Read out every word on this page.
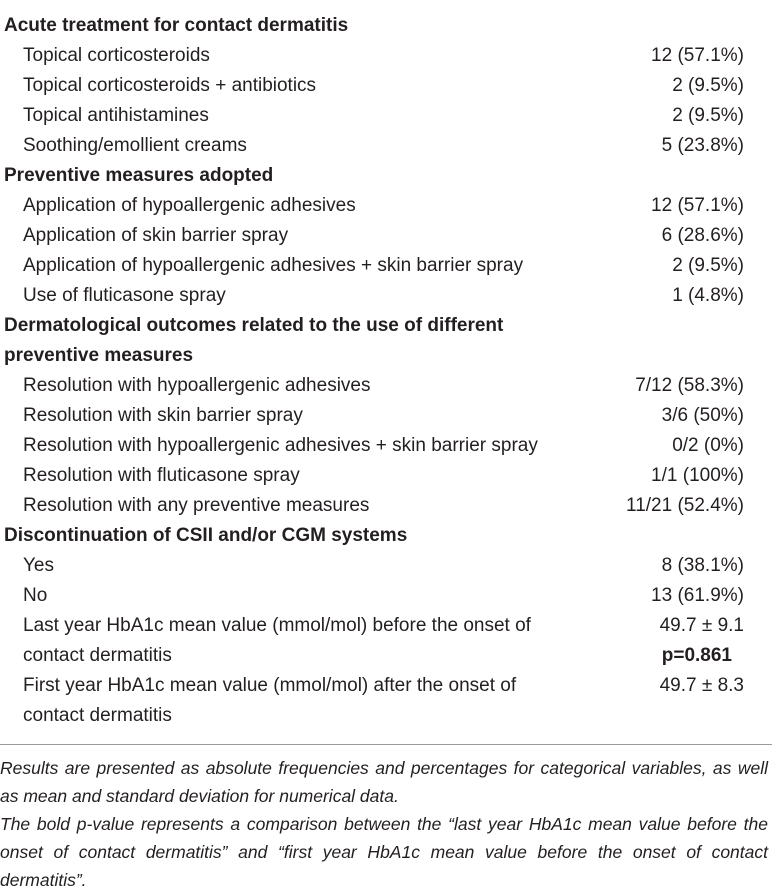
Acute treatment for contact dermatitis	
Topical corticosteroids	12 (57.1%)
Topical corticosteroids + antibiotics	2 (9.5%)
Topical antihistamines	2 (9.5%)
Soothing/emollient creams	5 (23.8%)
Preventive measures adopted	
Application of hypoallergenic adhesives	12 (57.1%)
Application of skin barrier spray	6 (28.6%)
Application of hypoallergenic adhesives + skin barrier spray	2 (9.5%)
Use of fluticasone spray	1 (4.8%)
Dermatological outcomes related to the use of different	
preventive measures	
Resolution with hypoallergenic adhesives	7/12 (58.3%)
Resolution with skin barrier spray	3/6 (50%)
Resolution with hypoallergenic adhesives + skin barrier spray	0/2 (0%)
Resolution with fluticasone spray	1/1 (100%)
Resolution with any preventive measures	11/21 (52.4%)
Discontinuation of CSII and/or CGM systems	
Yes	8 (38.1%)
No	13 (61.9%)
Last year HbA1c mean value (mmol/mol) before the onset of	49.7 ± 9.1
contact dermatitis	p=0.861
First year HbA1c mean value (mmol/mol) after the onset of	49.7 ± 8.3
contact dermatitis	

Results are presented as absolute frequencies and percentages for categorical variables, as well as mean and standard deviation for numerical data.

The bold p-value represents a comparison between the “last year HbA1c mean value before the onset of contact dermatitis” and “first year HbA1c mean value before the onset of contact dermatitis”.
